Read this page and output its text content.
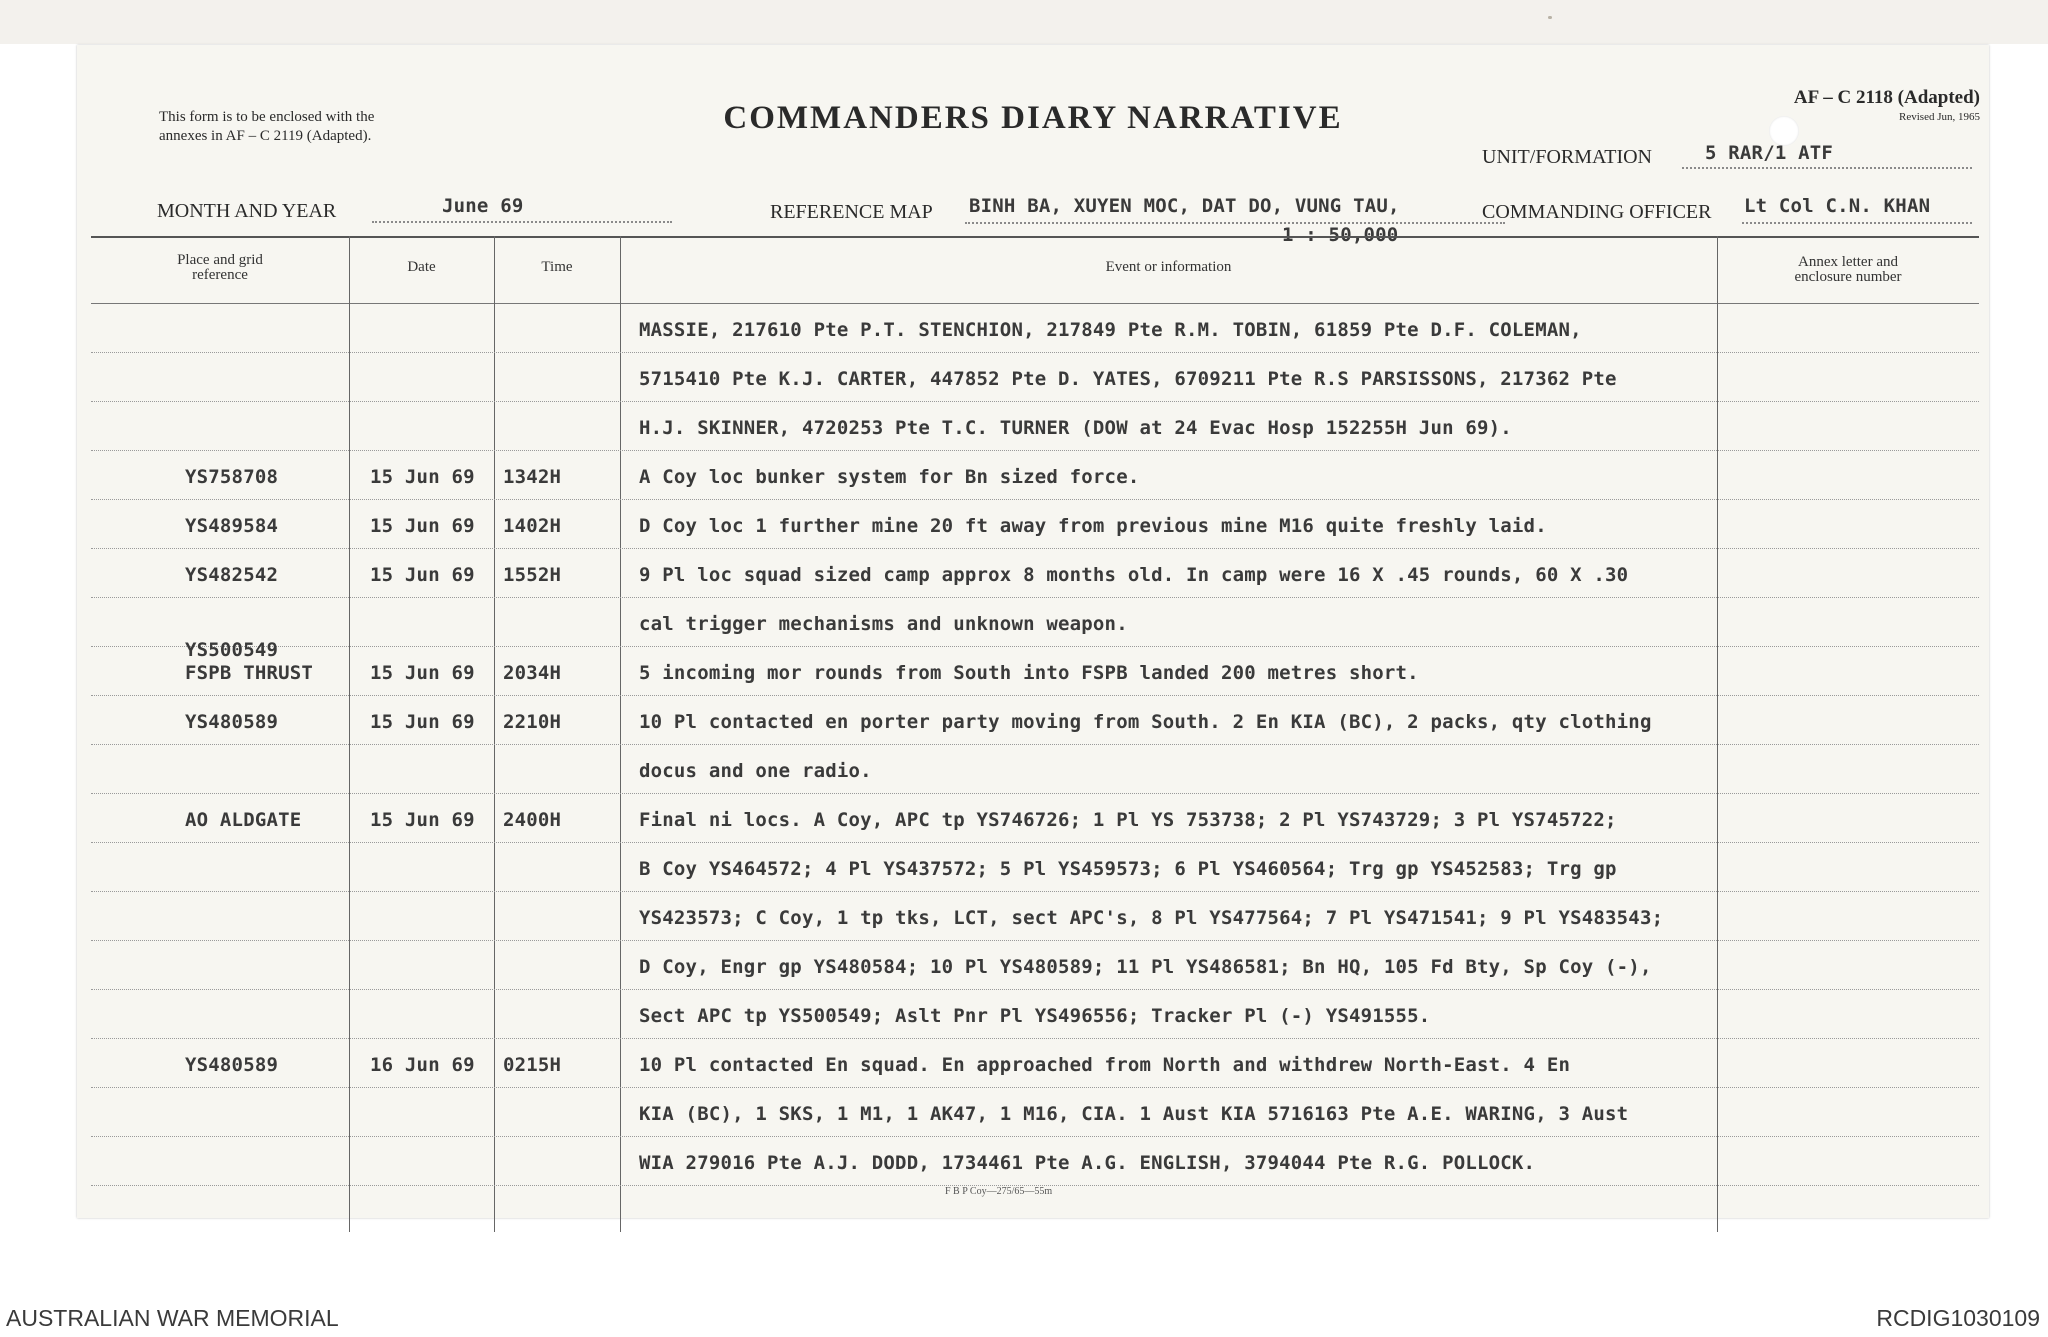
This form is to be enclosed with the
annexes in AF – C 2119 (Adapted).	COMMANDERS DIARY NARRATIVE
AF – C 2118 (Adapted)
Revised Jun, 1965
UNIT/FORMATION	5 RAR/1 ATF
MONTH AND YEAR	June 69	REFERENCE MAP BINH BA, XUYEN MOC, DAT DO, VUNG TAU,
1 : 50,000
COMMANDING OFFICER Lt Col C.N. KHAN
Place and grid
reference	Date	Time	Event or information	Annex letter and
enclosure number
MASSIE, 217610 Pte P.T. STENCHION, 217849 Pte R.M. TOBIN, 61859 Pte D.F. COLEMAN,
5715410 Pte K.J. CARTER, 447852 Pte D. YATES, 6709211 Pte R.S PARSISSONS, 217362 Pte
H.J. SKINNER, 4720253 Pte T.C. TURNER (DOW at 24 Evac Hosp 152255H Jun 69).
YS758708	15 Jun 69 1342H	A Coy loc bunker system for Bn sized force.
YS489584	15 Jun 69 1402H	D Coy loc 1 further mine 20 ft away from previous mine M16 quite freshly laid.
YS482542	15 Jun 69 1552H	9 Pl loc squad sized camp approx 8 months old. In camp were 16 X .45 rounds, 60 X .30
cal trigger mechanisms and unknown weapon.
YS500549
FSPB THRUST	15 Jun 69 2034H	5 incoming mor rounds from South into FSPB landed 200 metres short.
YS480589	15 Jun 69 2210H	10 Pl contacted en porter party moving from South. 2 En KIA (BC), 2 packs, qty clothing
docus and one radio.
AO ALDGATE	15 Jun 69 2400H	Final ni locs. A Coy, APC tp YS746726; 1 Pl YS 753738; 2 Pl YS743729; 3 Pl YS745722;
B Coy YS464572; 4 Pl YS437572; 5 Pl YS459573; 6 Pl YS460564; Trg gp YS452583; Trg gp
YS423573; C Coy, 1 tp tks, LCT, sect APC's, 8 Pl YS477564; 7 Pl YS471541; 9 Pl YS483543;
D Coy, Engr gp YS480584; 10 Pl YS480589; 11 Pl YS486581; Bn HQ, 105 Fd Bty, Sp Coy (-),
Sect APC tp YS500549; Aslt Pnr Pl YS496556; Tracker Pl (-) YS491555.
YS480589	16 Jun 69 0215H	10 Pl contacted En squad. En approached from North and withdrew North-East. 4 En
KIA (BC), 1 SKS, 1 M1, 1 AK47, 1 M16, CIA. 1 Aust KIA 5716163 Pte A.E. WARING, 3 Aust
WIA 279016 Pte A.J. DODD, 1734461 Pte A.G. ENGLISH, 3794044 Pte R.G. POLLOCK.
F B P Coy—275/65—55m
AUSTRALIAN WAR MEMORIAL	RCDIG1030109
